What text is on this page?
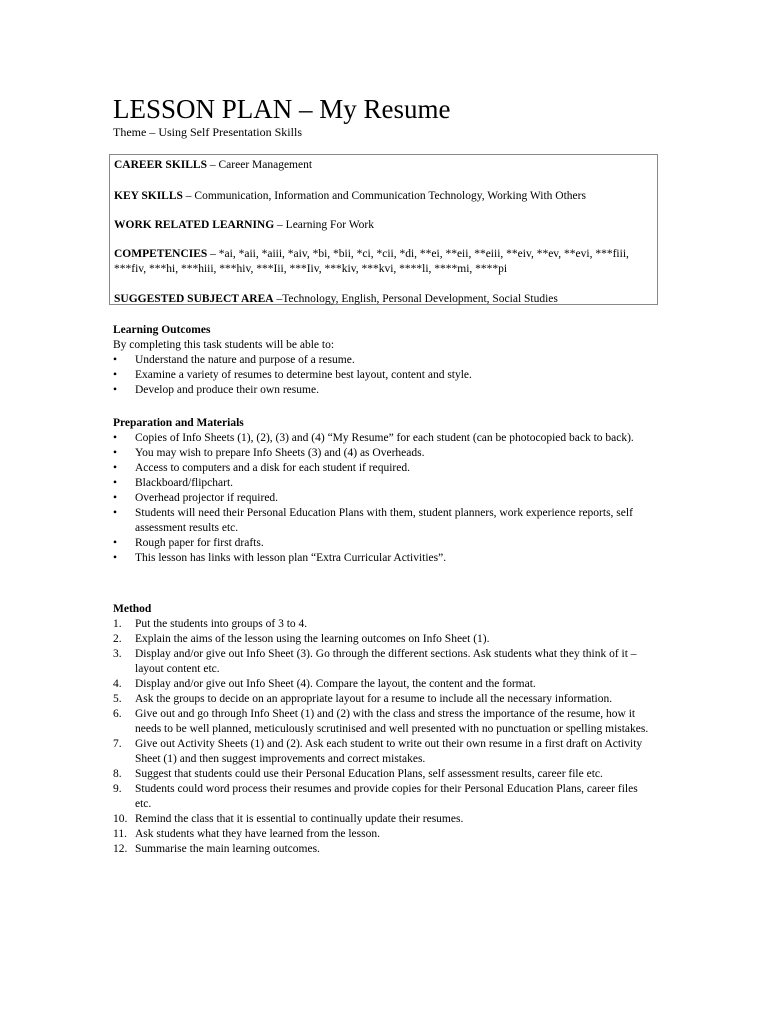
LESSON PLAN – My Resume
Theme – Using Self Presentation Skills
CAREER SKILLS – Career Management
KEY SKILLS – Communication, Information and Communication Technology, Working With Others
WORK RELATED LEARNING – Learning For Work
COMPETENCIES – *ai, *aii, *aiii, *aiv, *bi, *bii, *ci, *cii, *di, **ei, **eii, **eiii, **eiv, **ev, **evi, ***fiii, ***fiv, ***hi, ***hiii, ***hiv, ***Iii, ***Iiv, ***kiv, ***kvi, ****li, ****mi, ****pi
SUGGESTED SUBJECT AREA –Technology, English, Personal Development, Social Studies
Learning Outcomes
By completing this task students will be able to:
• Understand the nature and purpose of a resume.
• Examine a variety of resumes to determine best layout, content and style.
• Develop and produce their own resume.
Preparation and Materials
• Copies of Info Sheets (1), (2), (3) and (4) “My Resume” for each student (can be photocopied back to back).
• You may wish to prepare Info Sheets (3) and (4) as Overheads.
• Access to computers and a disk for each student if required.
• Blackboard/flipchart.
• Overhead projector if required.
• Students will need their Personal Education Plans with them, student planners, work experience reports, self assessment results etc.
• Rough paper for first drafts.
• This lesson has links with lesson plan “Extra Curricular Activities”.
Method
1. Put the students into groups of 3 to 4.
2. Explain the aims of the lesson using the learning outcomes on Info Sheet (1).
3. Display and/or give out Info Sheet (3). Go through the different sections. Ask students what they think of it – layout content etc.
4. Display and/or give out Info Sheet (4). Compare the layout, the content and the format.
5. Ask the groups to decide on an appropriate layout for a resume to include all the necessary information.
6. Give out and go through Info Sheet (1) and (2) with the class and stress the importance of the resume, how it needs to be well planned, meticulously scrutinised and well presented with no punctuation or spelling mistakes.
7. Give out Activity Sheets (1) and (2). Ask each student to write out their own resume in a first draft on Activity Sheet (1) and then suggest improvements and correct mistakes.
8. Suggest that students could use their Personal Education Plans, self assessment results, career file etc.
9. Students could word process their resumes and provide copies for their Personal Education Plans, career files etc.
10. Remind the class that it is essential to continually update their resumes.
11. Ask students what they have learned from the lesson.
12. Summarise the main learning outcomes.
